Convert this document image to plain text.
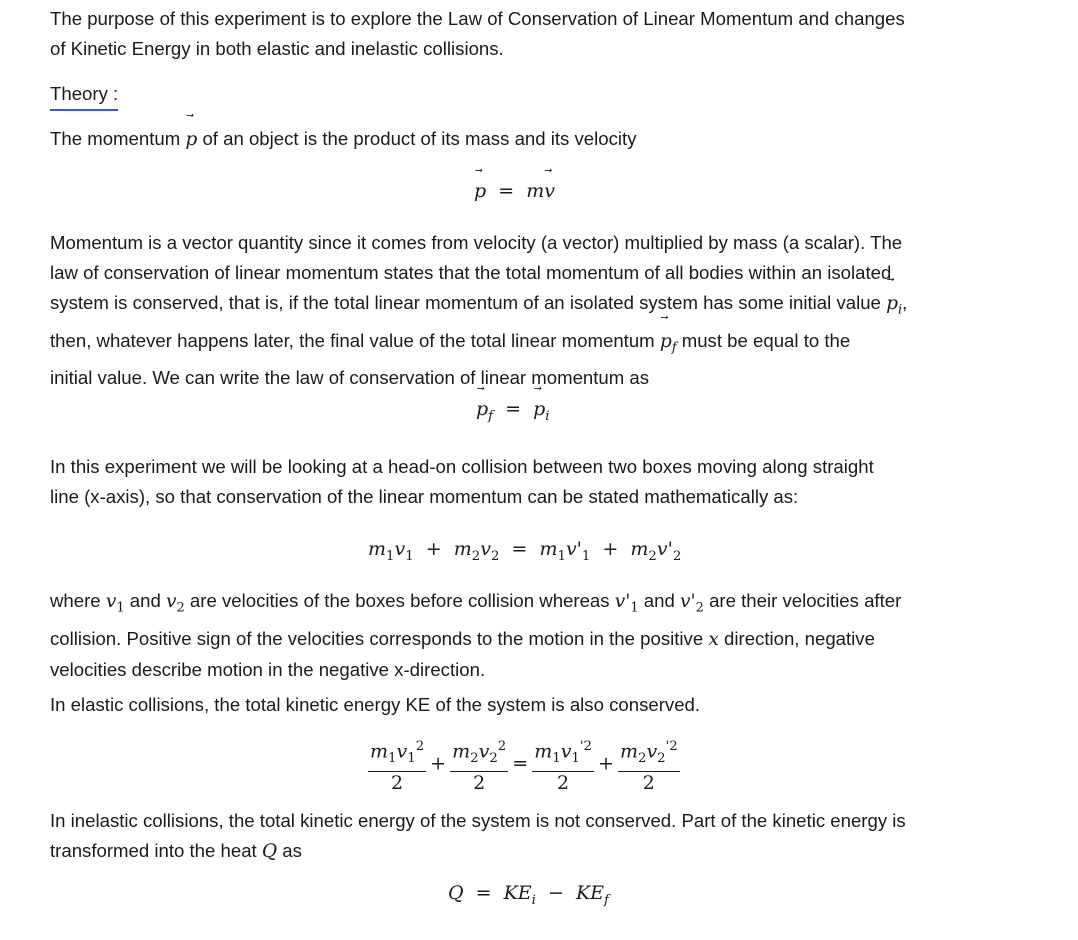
The purpose of this experiment is to explore the Law of Conservation of Linear Momentum and changes
of Kinetic Energy in both elastic and inelastic collisions.

Theory :

The momentum ⃗ p of an object is the product of its mass and its velocity

⃗ p = m⃗ v

Momentum is a vector quantity since it comes from velocity (a vector) multiplied by mass (a scalar). The
law of conservation of linear momentum states that the total momentum of all bodies within an isolated
system is conserved, that is, if the total linear momentum of an isolated system has some initial value ⃗ $p_i$,
then, whatever happens later, the final value of the total linear momentum ⃗ $p_f$ must be equal to the
initial value. We can write the law of conservation of linear momentum as

⃗ $p_f$ = ⃗ $p_i$

In this experiment we will be looking at a head-on collision between two boxes moving along straight
line (x-axis), so that conservation of the linear momentum can be stated mathematically as:

$m_1v_1 + m_2v_2 = m_1v'_1 + m_2v'_2$

where $v_1$ and $v_2$ are velocities of the boxes before collision whereas $v'_1$ and $v'_2$ are their velocities after
collision. Positive sign of the velocities corresponds to the motion in the positive x direction, negative
velocities describe motion in the negative x-direction.

In elastic collisions, the total kinetic energy KE of the system is also conserved.

$\frac{m_1v_1^2}{2} + \frac{m_2v_2^2}{2} = \frac{m_1v_1^{'2}}{2} + \frac{m_2v_2^{'2}}{2}$

In inelastic collisions, the total kinetic energy of the system is not conserved. Part of the kinetic energy is
transformed into the heat Q as

$Q = KE_i - KE_f$
